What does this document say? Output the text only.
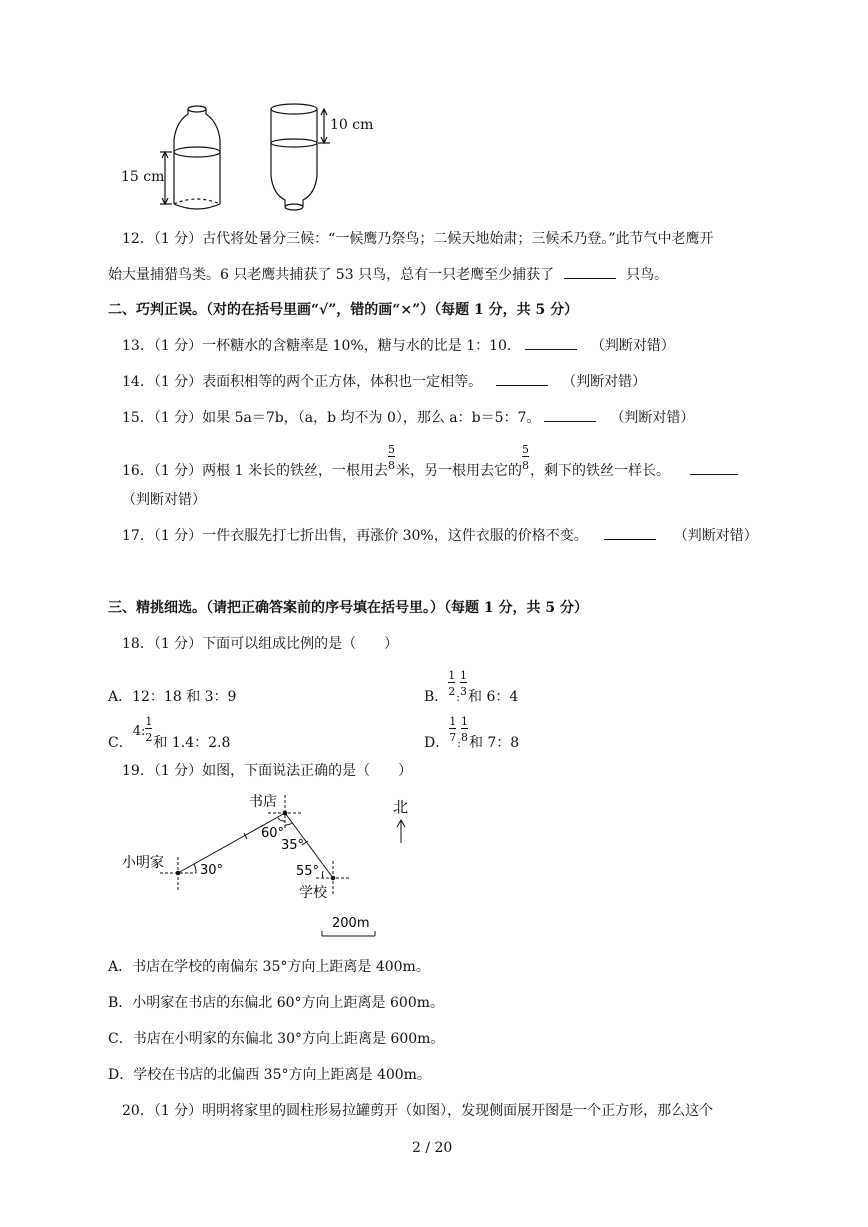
15 cm
10 cm
12．（1 分）古代将处暑分三候：“一候鹰乃祭鸟；二候天地始肃；三候禾乃登。”此节气中老鹰开
始大量捕猎鸟类。6 只老鹰共捕获了 53 只鸟，总有一只老鹰至少捕获了	只鸟。
二、巧判正误。（对的在括号里画“√”，错的画“×”）（每题 1 分，共 5 分）
13．（1 分）一杯糖水的含糖率是 10%，糖与水的比是 1：10．	（判断对错）
14．（1 分）表面积相等的两个正方体，体积也一定相等。	（判断对错）
15．（1 分）如果 5a＝7b，（a，b 均不为 0），那么 a：b＝5：7。	（判断对错）
16．（1 分）两根 1 米长的铁丝，一根用去 $\frac{5}{8}$ 米，另一根用去它的 $\frac{5}{8}$ ，剩下的铁丝一样长。
（判断对错）
17．（1 分）一件衣服先打七折出售，再涨价 30%，这件衣服的价格不变。	（判断对错）
三、精挑细选。（请把正确答案前的序号填在括号里。）（每题 1 分，共 5 分）
18．（1 分）下面可以组成比例的是（　　）
A．12：18 和 3：9	B． $\frac{1}{2}$ : $\frac{1}{3}$ 和 6：4
C．4:
$\frac{1}{2}$ 和 1.4：2.8	D． $\frac{1}{7}$ : $\frac{1}{8}$ 和 7：8
19．（1 分）如图，下面说法正确的是（　　）
书店
小明家
学校
北
60°
35°
55°
30°
200m
A．书店在学校的南偏东 35°方向上距离是 400m。
B．小明家在书店的东偏北 60°方向上距离是 600m。
C．书店在小明家的东偏北 30°方向上距离是 600m。
D．学校在书店的北偏西 35°方向上距离是 400m。
20．（1 分）明明将家里的圆柱形易拉罐剪开（如图），发现侧面展开图是一个正方形，那么这个
2 / 20
